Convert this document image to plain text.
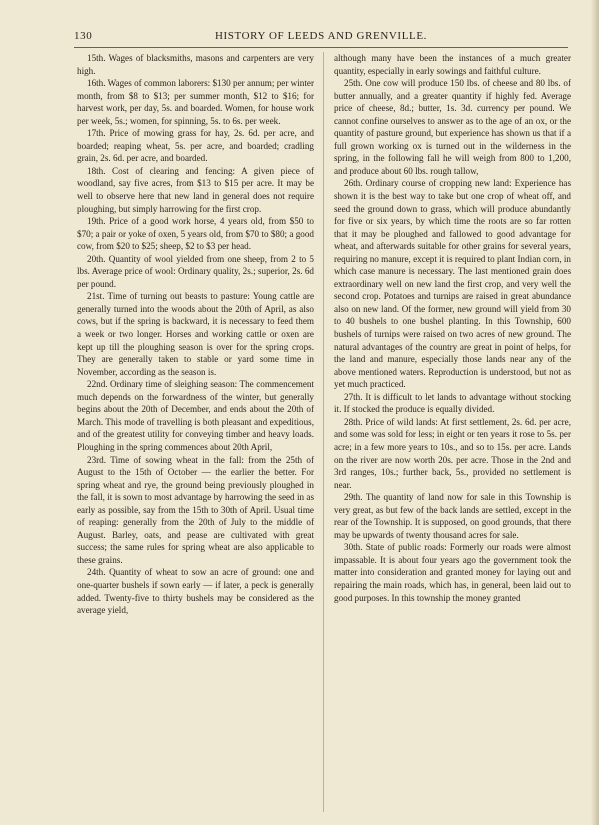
130	HISTORY OF LEEDS AND GRENVILLE.

15th. Wages of blacksmiths, masons and carpenters are very high.

16th. Wages of common laborers: $130 per annum; per winter month, from $8 to $13; per summer month, $12 to $16; for harvest work, per day, 5s. and boarded. Women, for house work per week, 5s.; women, for spinning, 5s. to 6s. per week.

17th. Price of mowing grass for hay, 2s. 6d. per acre, and boarded; reaping wheat, 5s. per acre, and boarded; cradling grain, 2s. 6d. per acre, and boarded.

18th. Cost of clearing and fencing: A given piece of woodland, say five acres, from $13 to $15 per acre. It may be well to observe here that new land in general does not require ploughing, but simply harrowing for the first crop.

19th. Price of a good work horse, 4 years old, from $50 to $70; a pair or yoke of oxen, 5 years old, from $70 to $80; a good cow, from $20 to $25; sheep, $2 to $3 per head.

20th. Quantity of wool yielded from one sheep, from 2 to 5 lbs. Average price of wool: Ordinary quality, 2s.; superior, 2s. 6d per pound.

21st. Time of turning out beasts to pasture: Young cattle are generally turned into the woods about the 20th of April, as also cows, but if the spring is backward, it is necessary to feed them a week or two longer. Horses and working cattle or oxen are kept up till the ploughing season is over for the spring crops. They are generally taken to stable or yard some time in November, according as the season is.

22nd. Ordinary time of sleighing season: The commencement much depends on the forwardness of the winter, but generally begins about the 20th of December, and ends about the 20th of March. This mode of travelling is both pleasant and expeditious, and of the greatest utility for conveying timber and heavy loads. Ploughing in the spring commences about 20th April,

23rd. Time of sowing wheat in the fall: from the 25th of August to the 15th of October — the earlier the better. For spring wheat and rye, the ground being previously ploughed in the fall, it is sown to most advantage by harrowing the seed in as early as possible, say from the 15th to 30th of April. Usual time of reaping: generally from the 20th of July to the middle of August. Barley, oats, and pease are cultivated with great success; the same rules for spring wheat are also applicable to these grains.

24th. Quantity of wheat to sow an acre of ground: one and one-quarter bushels if sown early — if later, a peck is generally added. Twenty-five to thirty bushels may be considered as the average yield,

although many have been the instances of a much greater quantity, especially in early sowings and faithful culture.

25th. One cow will produce 150 lbs. of cheese and 80 lbs. of butter annually, and a greater quantity if highly fed. Average price of cheese, 8d.; butter, 1s. 3d. currency per pound. We cannot confine ourselves to answer as to the age of an ox, or the quantity of pasture ground, but experience has shown us that if a full grown working ox is turned out in the wilderness in the spring, in the following fall he will weigh from 800 to 1,200, and produce about 60 lbs. rough tallow,

26th. Ordinary course of cropping new land: Experience has shown it is the best way to take but one crop of wheat off, and seed the ground down to grass, which will produce abundantly for five or six years, by which time the roots are so far rotten that it may be ploughed and fallowed to good advantage for wheat, and afterwards suitable for other grains for several years, requiring no manure, except it is required to plant Indian corn, in which case manure is necessary. The last mentioned grain does extraordinary well on new land the first crop, and very well the second crop. Potatoes and turnips are raised in great abundance also on new land. Of the former, new ground will yield from 30 to 40 bushels to one bushel planting. In this Township, 600 bushels of turnips were raised on two acres of new ground. The natural advantages of the country are great in point of helps, for the land and manure, especially those lands near any of the above mentioned waters. Reproduction is understood, but not as yet much practiced.

27th. It is difficult to let lands to advantage without stocking it. If stocked the produce is equally divided.

28th. Price of wild lands: At first settlement, 2s. 6d. per acre, and some was sold for less; in eight or ten years it rose to 5s. per acre; in a few more years to 10s., and so to 15s. per acre. Lands on the river are now worth 20s. per acre. Those in the 2nd and 3rd ranges, 10s.; further back, 5s., provided no settlement is near.

29th. The quantity of land now for sale in this Township is very great, as but few of the back lands are settled, except in the rear of the Township. It is supposed, on good grounds, that there may be upwards of twenty thousand acres for sale.

30th. State of public roads: Formerly our roads were almost impassable. It is about four years ago the government took the matter into consideration and granted money for laying out and repairing the main roads, which has, in general, been laid out to good purposes. In this township the money granted
